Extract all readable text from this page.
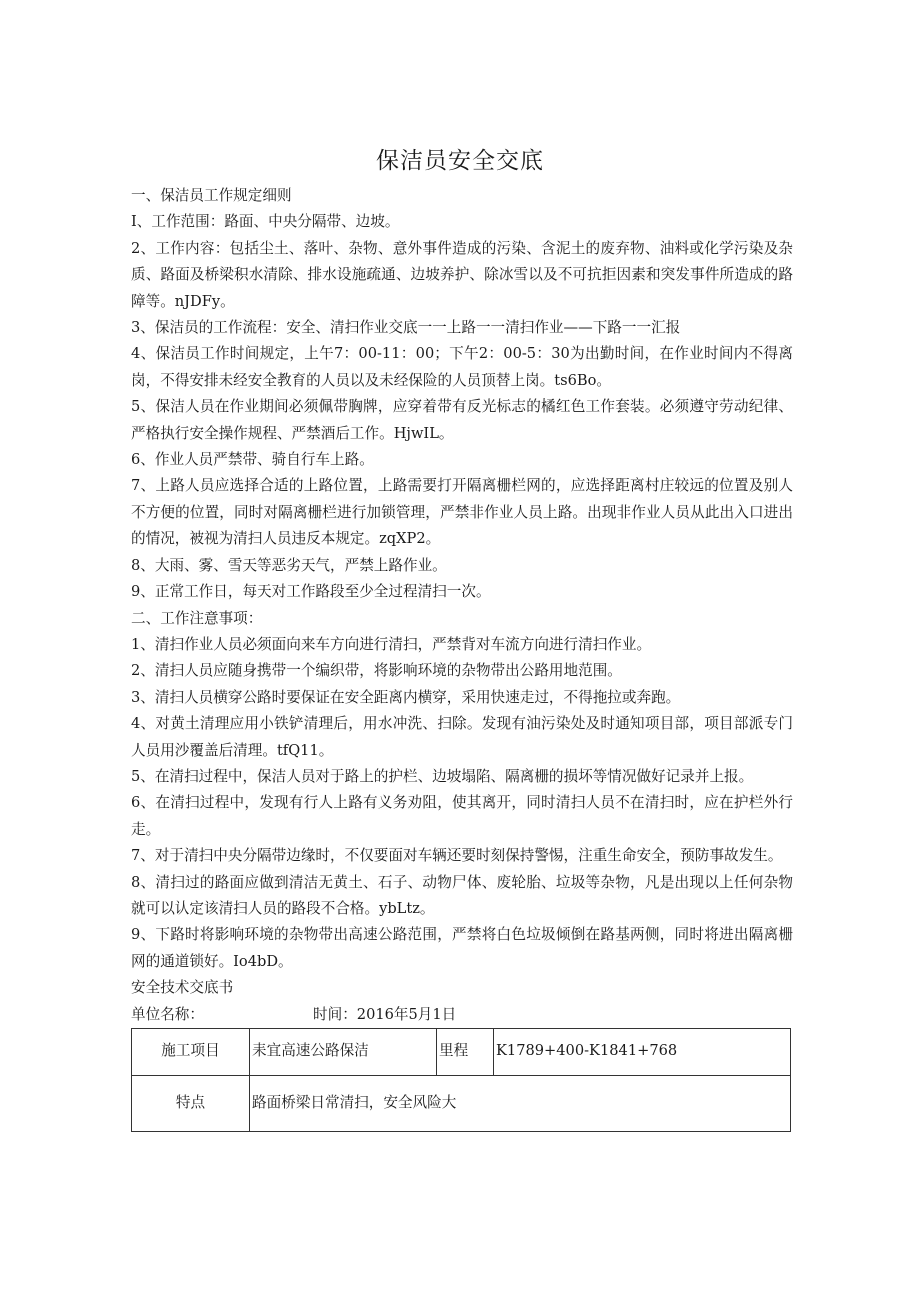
保洁员安全交底

一、保洁员工作规定细则

I、工作范围：路面、中央分隔带、边坡。

2、工作内容：包括尘土、落叶、杂物、意外事件造成的污染、含泥土的废弃物、油料或化学污染及杂质、路面及桥梁积水清除、排水设施疏通、边坡养护、除冰雪以及不可抗拒因素和突发事件所造成的路障等。nJDFy。

3、保洁员的工作流程：安全、清扫作业交底一一上路一一清扫作业——下路一一汇报

4、保洁员工作时间规定，上午7：00-11：00；下午2：00-5：30为出勤时间，在作业时间内不得离岗，不得安排未经安全教育的人员以及未经保险的人员顶替上岗。ts6Bo。

5、保洁人员在作业期间必须佩带胸牌，应穿着带有反光标志的橘红色工作套装。必须遵守劳动纪律、严格执行安全操作规程、严禁酒后工作。HjwIL。

6、作业人员严禁带、骑自行车上路。

7、上路人员应选择合适的上路位置，上路需要打开隔离栅栏网的，应选择距离村庄较远的位置及别人不方便的位置，同时对隔离栅栏进行加锁管理，严禁非作业人员上路。出现非作业人员从此出入口进出的情况，被视为清扫人员违反本规定。zqXP2。

8、大雨、雾、雪天等恶劣天气，严禁上路作业。

9、正常工作日，每天对工作路段至少全过程清扫一次。

二、工作注意事项：

1、清扫作业人员必须面向来车方向进行清扫，严禁背对车流方向进行清扫作业。

2、清扫人员应随身携带一个编织带，将影响环境的杂物带出公路用地范围。

3、清扫人员横穿公路时要保证在安全距离内横穿，采用快速走过，不得拖拉或奔跑。

4、对黄土清理应用小铁铲清理后，用水冲洗、扫除。发现有油污染处及时通知项目部，项目部派专门人员用沙覆盖后清理。tfQ11。

5、在清扫过程中，保洁人员对于路上的护栏、边坡塌陷、隔离栅的损坏等情况做好记录并上报。

6、在清扫过程中，发现有行人上路有义务劝阻，使其离开，同时清扫人员不在清扫时，应在护栏外行走。

7、对于清扫中央分隔带边缘时，不仅要面对车辆还要时刻保持警惕，注重生命安全，预防事故发生。

8、清扫过的路面应做到清洁无黄土、石子、动物尸体、废轮胎、垃圾等杂物，凡是出现以上任何杂物就可以认定该清扫人员的路段不合格。ybLtz。

9、下路时将影响环境的杂物带出高速公路范围，严禁将白色垃圾倾倒在路基两侧，同时将进出隔离栅网的通道锁好。Io4bD。

安全技术交底书

单位名称：	时间：2016年5月1日
施工项目	耒宜高速公路保洁	里程	K1789+400-K1841+768
特点	路面桥梁日常清扫，安全风险大		
